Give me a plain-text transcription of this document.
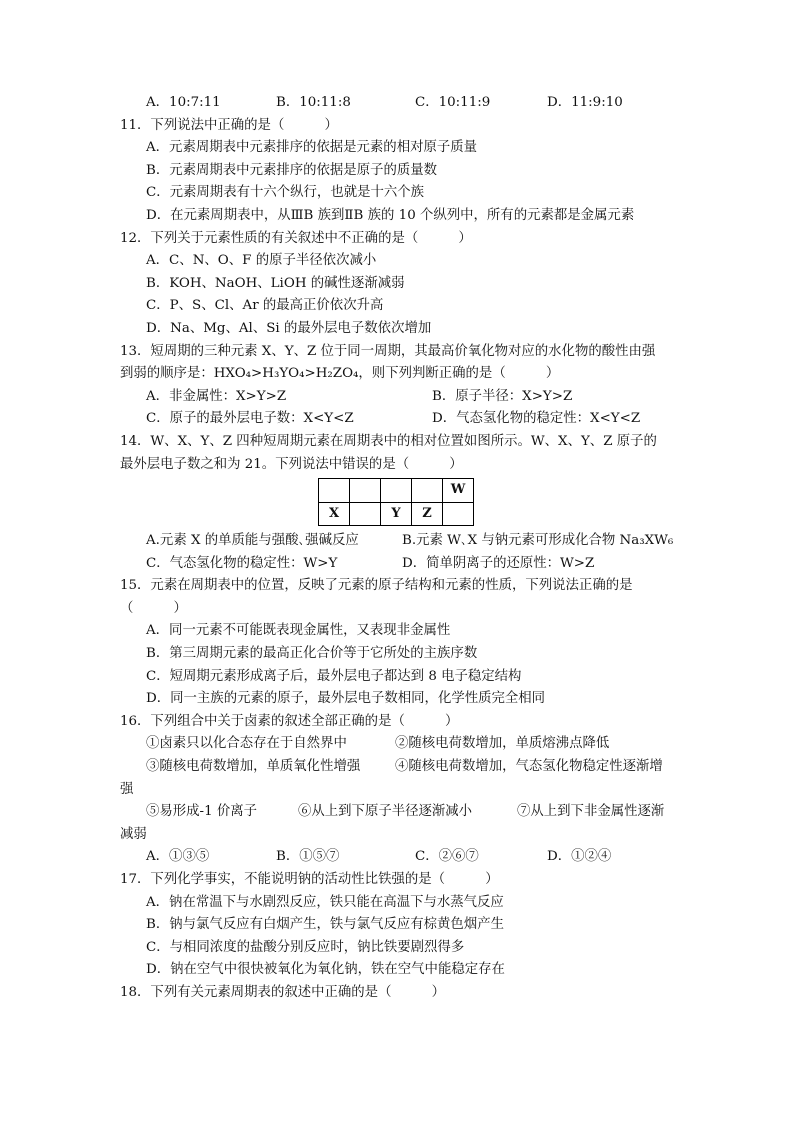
A．10:7:11	B．10:11:8	C．10:11:9	D．11:9:10
11．下列说法中正确的是（　　　）
A．元素周期表中元素排序的依据是元素的相对原子质量
B．元素周期表中元素排序的依据是原子的质量数
C．元素周期表有十六个纵行，也就是十六个族
D．在元素周期表中，从ⅢB 族到ⅡB 族的 10 个纵列中，所有的元素都是金属元素
12．下列关于元素性质的有关叙述中不正确的是（　　　）
A．C、N、O、F 的原子半径依次减小
B．KOH、NaOH、LiOH 的碱性逐渐减弱
C．P、S、Cl、Ar 的最高正价依次升高
D．Na、Mg、Al、Si 的最外层电子数依次增加
13．短周期的三种元素 X、Y、Z 位于同一周期，其最高价氧化物对应的水化物的酸性由强
到弱的顺序是：HXO₄>H₃YO₄>H₂ZO₄，则下列判断正确的是（　　　）
A．非金属性：X>Y>Z	B．原子半径：X>Y>Z
C．原子的最外层电子数：X<Y<Z	D．气态氢化物的稳定性：X<Y<Z
14．W、X、Y、Z 四种短周期元素在周期表中的相对位置如图所示。W、X、Y、Z 原子的
最外层电子数之和为 21。下列说法中错误的是（　　　）
				W
X		Y	Z	
A.元素 X 的单质能与强酸､强碱反应	B.元素 W､X 与钠元素可形成化合物 Na₃XW₆
C．气态氢化物的稳定性：W>Y	D．简单阴离子的还原性：W>Z
15．元素在周期表中的位置，反映了元素的原子结构和元素的性质，下列说法正确的是
（　　　）
A．同一元素不可能既表现金属性，又表现非金属性
B．第三周期元素的最高正化合价等于它所处的主族序数
C．短周期元素形成离子后，最外层电子都达到 8 电子稳定结构
D．同一主族的元素的原子，最外层电子数相同，化学性质完全相同
16．下列组合中关于卤素的叙述全部正确的是（　　　）
①卤素只以化合态存在于自然界中	②随核电荷数增加，单质熔沸点降低
③随核电荷数增加，单质氧化性增强	④随核电荷数增加，气态氢化物稳定性逐渐增
强
⑤易形成-1 价离子	⑥从上到下原子半径逐渐减小	⑦从上到下非金属性逐渐
减弱
A．①③⑤	B．①⑤⑦	C．②⑥⑦	D．①②④
17．下列化学事实，不能说明钠的活动性比铁强的是（　　　）
A．钠在常温下与水剧烈反应，铁只能在高温下与水蒸气反应
B．钠与氯气反应有白烟产生，铁与氯气反应有棕黄色烟产生
C．与相同浓度的盐酸分别反应时，钠比铁要剧烈得多
D．钠在空气中很快被氧化为氧化钠，铁在空气中能稳定存在
18．下列有关元素周期表的叙述中正确的是（　　　）
